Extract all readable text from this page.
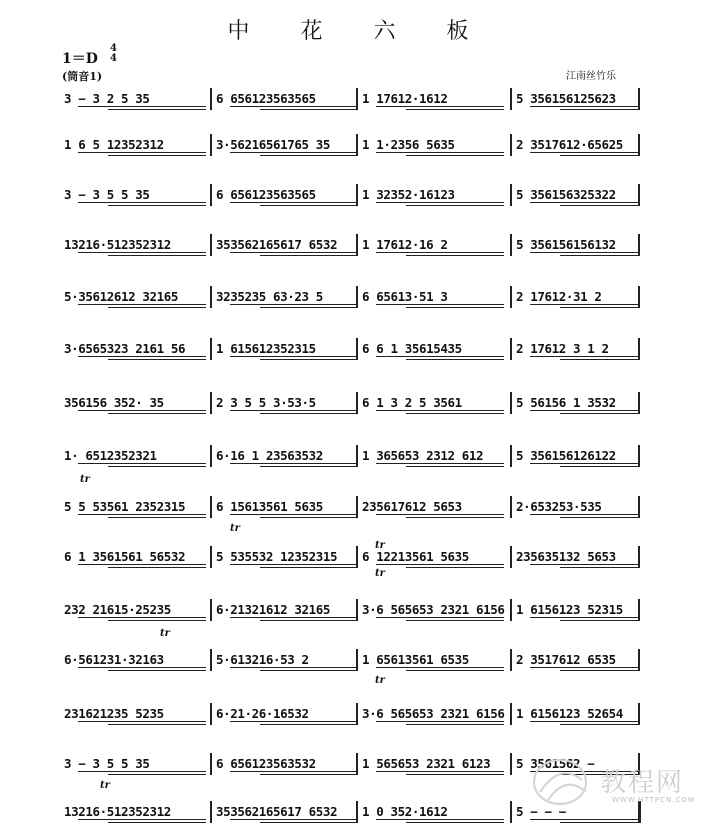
中 花 六 板
1＝D
4
4
(筒音1)	江南丝竹乐
3 − 3 2 5 35	6 656123563565	1 17612·1612	5 356156125623
1 6 5 12352312	3·56216561765 35	1 1·2356 5635	2 3517612·65625
3 − 3 5 5 35	6 656123563565	1 32352·16123	5 356156325322
13216·512352312	353562165617 6532	1 17612·16 2	5 356156156132
5·35612612 32165	3235235 63·23 5	6 65613·51 3	2 17612·31 2
3·6565323 2161 56	1 615612352315	6 6 1 35615435	2 17612 3 1 2
356156 352· 35	2 3 5 5 3·53·5	6 1 3 2 5 3561	5 56156 1 3532
1· 6512352321	6·16 1 23563532	1 365653 2312 612	5 356156126122
5 5 53561 2352315	6 15613561 5635	235617612 5653	2·653253·535
6 1 3561561 56532	5 535532 12352315	6 12213561 5635	235635132 5653
232 21615·25235	6·21321612 32165	3·6 565653 2321 6156 1 6156123 52315
6·561231·32163	5·613216·53 2	1 65613561 6535	2 3517612 6535
231621235 5235	6·21·26·16532	3·6 565653 2321 6156 1 6156123 52654
3 − 3 5 5 35	6 656123563532	1 565653 2321 6123	5 3561562 −
13216·512352312	353562165617 6532	1 0 352·1612	5 − − −
教程网
WWW.HTTPCN.COM
tr
tr
tr
tr
tr
tr
tr
